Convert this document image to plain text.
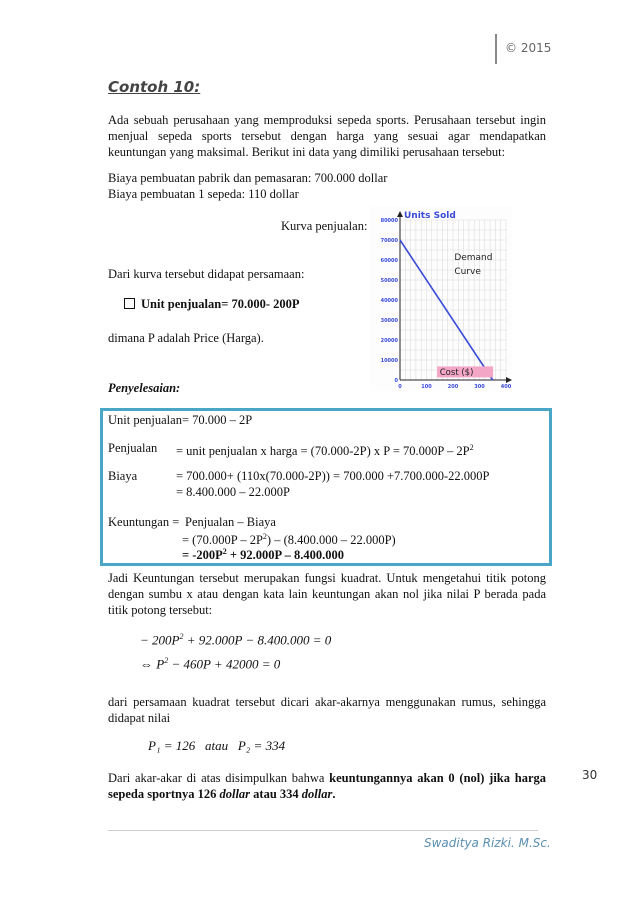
© 2015
Contoh 10:
Ada sebuah perusahaan yang memproduksi sepeda sports. Perusahaan tersebut ingin menjual sepeda sports tersebut dengan harga yang sesuai agar mendapatkan keuntungan yang maksimal. Berikut ini data yang dimiliki perusahaan tersebut:
Biaya pembuatan pabrik dan pemasaran: 700.000 dollar
Biaya pembuatan 1 sepeda: 110 dollar
Kurva penjualan:
0
10000
20000
30000
40000
50000
60000
70000
80000
0	100	200	300	400
Units Sold
Demand
Curve
Cost ($)
Dari kurva tersebut didapat persamaan:
Unit penjualan= 70.000- 200P
dimana P adalah Price (Harga).
Penyelesaian:
Unit penjualan= 70.000 – 2P
Penjualan = unit penjualan x harga = (70.000-2P) x $P = 70.000P - 2P^2$
Biaya	= 700.000+ (110x(70.000-2P)) = 700.000 +7.700.000-22.000P
= 8.400.000 – 22.000P
Keuntungan = Penjualan – Biaya
= $(70.000P - 2P^2) - (8.400.000 - 22.000P)$
= $-200P^2 + 92.000P - 8.400.000$
Jadi Keuntungan tersebut merupakan fungsi kuadrat. Untuk mengetahui titik potong dengan sumbu x atau dengan kata lain keuntungan akan nol jika nilai P berada pada titik potong tersebut:
− $200P^2 + 92.000P - 8.400.000 = 0$
⇔ $P^2 - 460P + 42000 = 0$
dari persamaan kuadrat tersebut dicari akar-akarnya menggunakan rumus, sehingga didapat nilai
P₁ = 126   atau   P₂ = 334
Dari akar-akar di atas disimpulkan bahwa keuntungannya akan 0 (nol) jika harga sepeda sportnya 126 dollar atau 334 dollar.
30
Swaditya Rizki. M.Sc.
